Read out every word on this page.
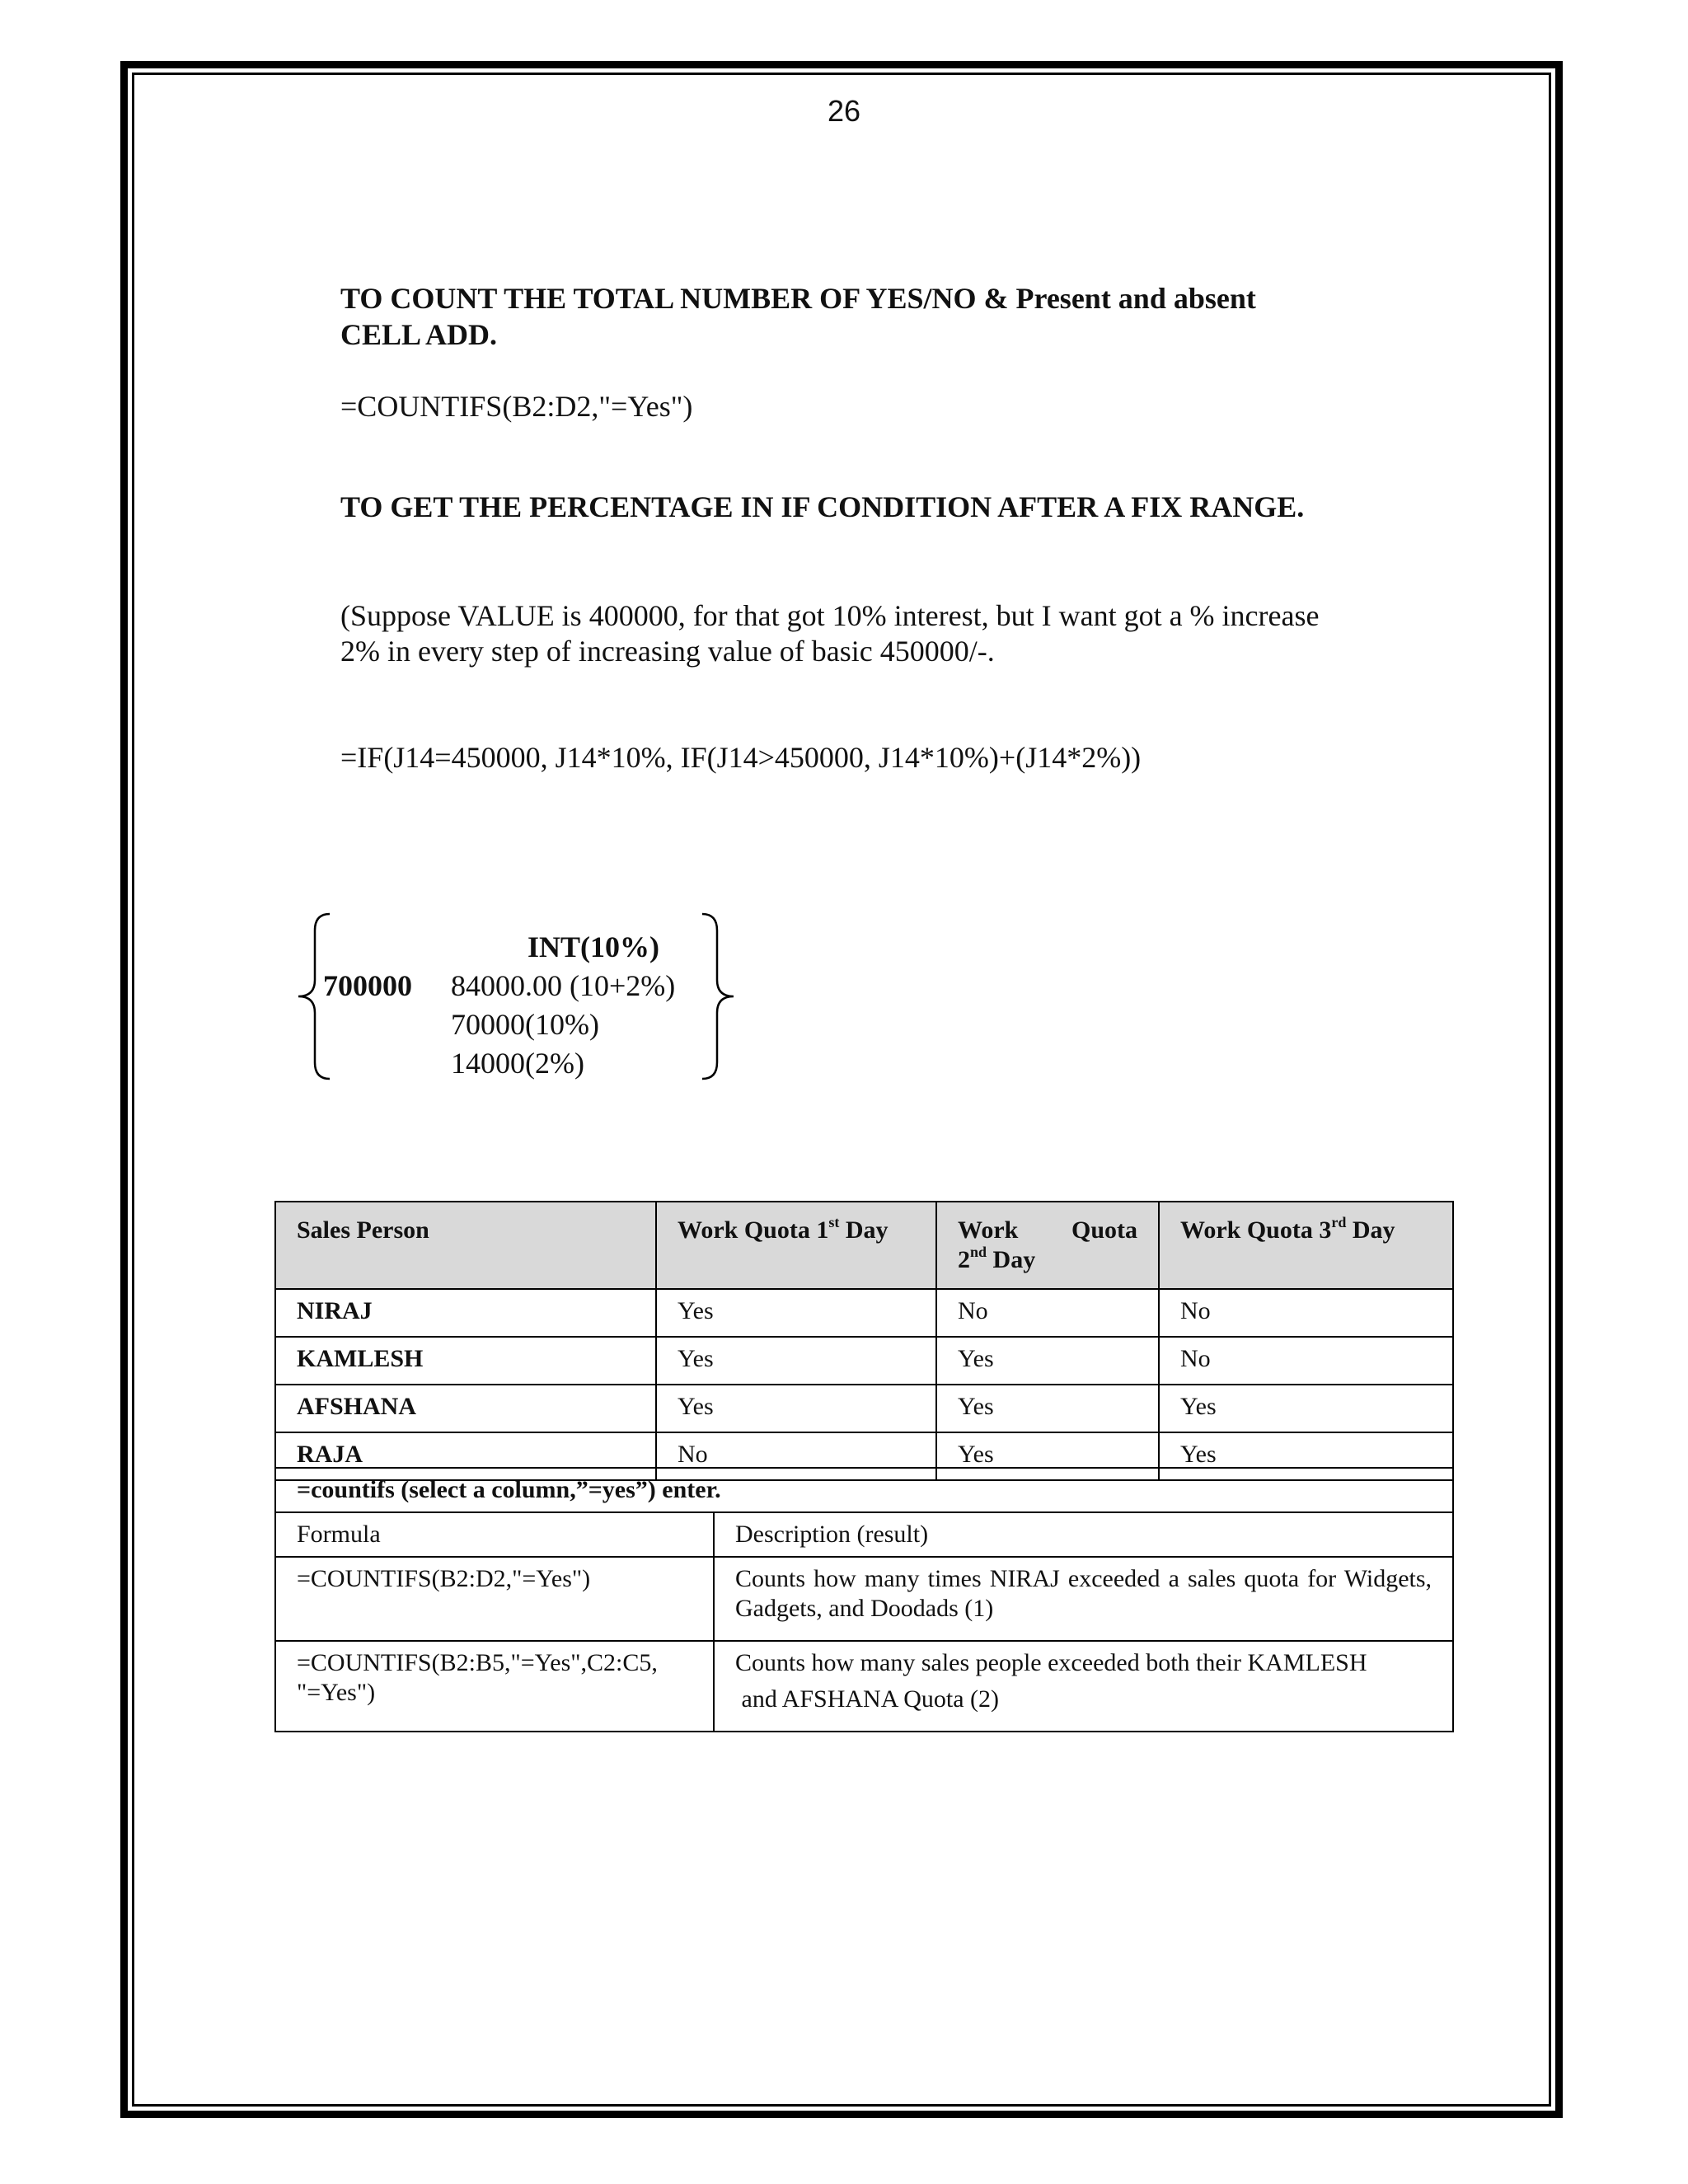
26
TO COUNT THE TOTAL NUMBER OF YES/NO & Present and absent
CELL ADD.
=COUNTIFS(B2:D2,"=Yes")
TO GET THE PERCENTAGE IN IF CONDITION AFTER A FIX RANGE.
(Suppose VALUE is 400000, for that got 10% interest, but I want got a % increase
2% in every step of increasing value of basic 450000/-.
=IF(J14=450000, J14*10%, IF(J14>450000, J14*10%)+(J14*2%))
INT(10%)
700000 84000.00 (10+2%)
70000(10%)
14000(2%)
Sales Person	Work Quota 1st Day	Work Quota
2nd Day	Work Quota 3rd Day
NIRAJ	Yes	No	No
KAMLESH	Yes	Yes	No
AFSHANA	Yes	Yes	Yes
RAJA	No	Yes	Yes
=countifs (select a column,”=yes”) enter.	
Formula	Description (result)
=COUNTIFS(B2:D2,"=Yes")	Counts how many times NIRAJ exceeded a sales quota for Widgets, Gadgets, and Doodads (1)
=COUNTIFS(B2:B5,"=Yes",C2:C5, "=Yes")	Counts how many sales people exceeded both their KAMLESH
and AFSHANA Quota (2)
